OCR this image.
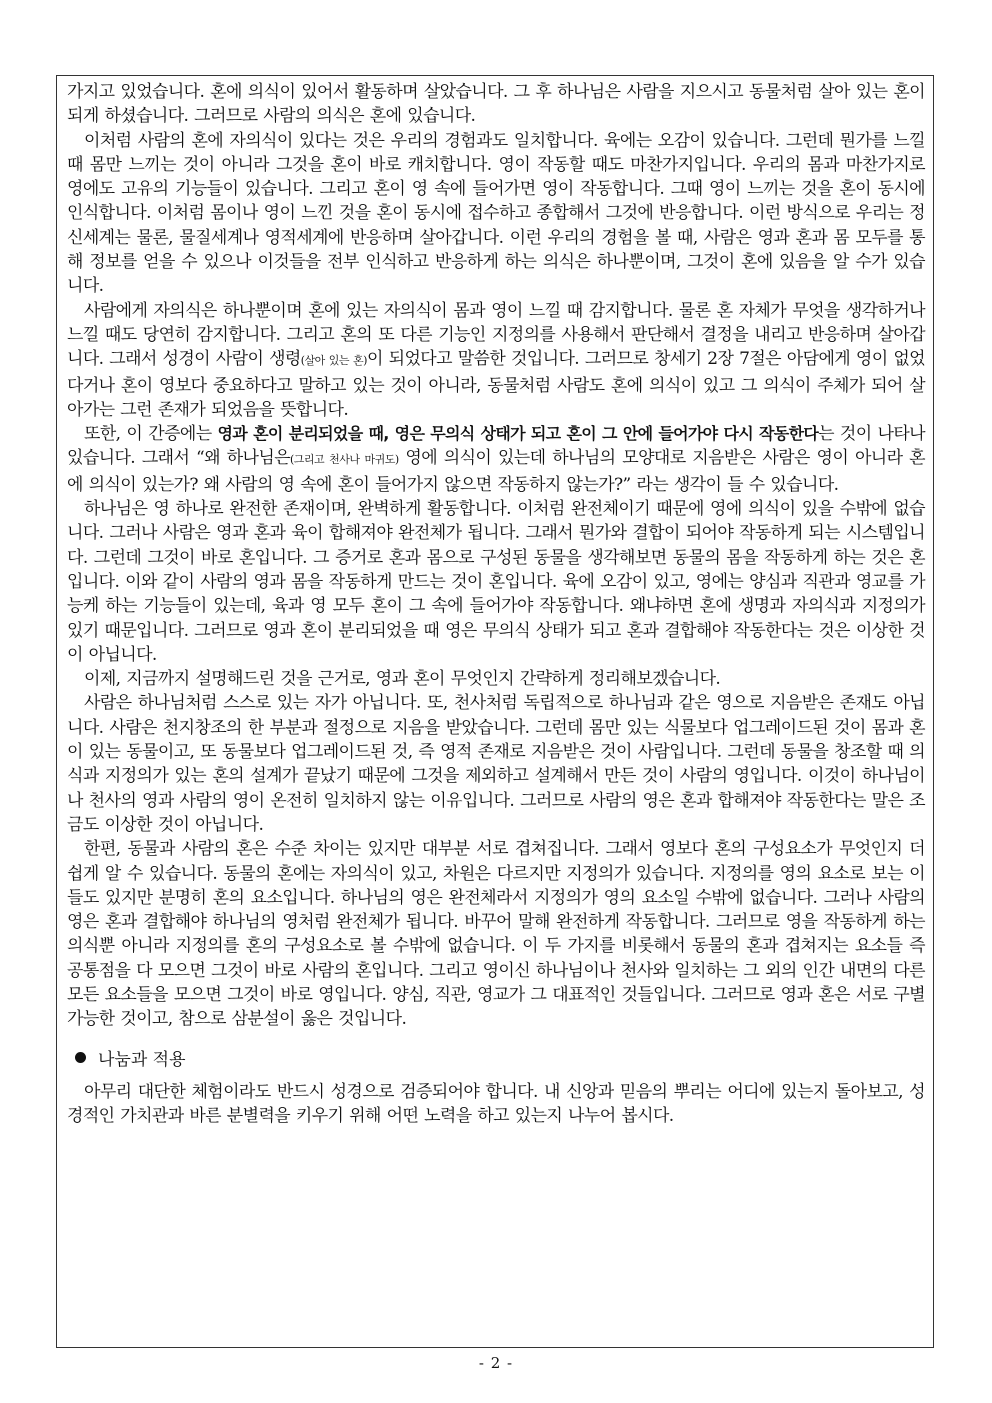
가지고 있었습니다. 혼에 의식이 있어서 활동하며 살았습니다. 그 후 하나님은 사람을 지으시고 동물처럼 살아 있는 혼이 되게 하셨습니다. 그러므로 사람의 의식은 혼에 있습니다.

이처럼 사람의 혼에 자의식이 있다는 것은 우리의 경험과도 일치합니다. 육에는 오감이 있습니다. 그런데 뭔가를 느낄 때 몸만 느끼는 것이 아니라 그것을 혼이 바로 캐치합니다. 영이 작동할 때도 마찬가지입니다. 우리의 몸과 마찬가지로 영에도 고유의 기능들이 있습니다. 그리고 혼이 영 속에 들어가면 영이 작동합니다. 그때 영이 느끼는 것을 혼이 동시에 인식합니다. 이처럼 몸이나 영이 느낀 것을 혼이 동시에 접수하고 종합해서 그것에 반응합니다. 이런 방식으로 우리는 정신세계는 물론, 물질세계나 영적세계에 반응하며 살아갑니다. 이런 우리의 경험을 볼 때, 사람은 영과 혼과 몸 모두를 통해 정보를 얻을 수 있으나 이것들을 전부 인식하고 반응하게 하는 의식은 하나뿐이며, 그것이 혼에 있음을 알 수가 있습니다.

사람에게 자의식은 하나뿐이며 혼에 있는 자의식이 몸과 영이 느낄 때 감지합니다. 물론 혼 자체가 무엇을 생각하거나 느낄 때도 당연히 감지합니다. 그리고 혼의 또 다른 기능인 지정의를 사용해서 판단해서 결정을 내리고 반응하며 살아갑니다. 그래서 성경이 사람이 생령(살아 있는 혼)이 되었다고 말씀한 것입니다. 그러므로 창세기 2장 7절은 아담에게 영이 없었다거나 혼이 영보다 중요하다고 말하고 있는 것이 아니라, 동물처럼 사람도 혼에 의식이 있고 그 의식이 주체가 되어 살아가는 그런 존재가 되었음을 뜻합니다.

또한, 이 간증에는 영과 혼이 분리되었을 때, 영은 무의식 상태가 되고 혼이 그 안에 들어가야 다시 작동한다는 것이 나타나 있습니다. 그래서 “왜 하나님은(그리고 천사나 마귀도) 영에 의식이 있는데 하나님의 모양대로 지음받은 사람은 영이 아니라 혼에 의식이 있는가? 왜 사람의 영 속에 혼이 들어가지 않으면 작동하지 않는가?” 라는 생각이 들 수 있습니다.

하나님은 영 하나로 완전한 존재이며, 완벽하게 활동합니다. 이처럼 완전체이기 때문에 영에 의식이 있을 수밖에 없습니다. 그러나 사람은 영과 혼과 육이 합해져야 완전체가 됩니다. 그래서 뭔가와 결합이 되어야 작동하게 되는 시스템입니다. 그런데 그것이 바로 혼입니다. 그 증거로 혼과 몸으로 구성된 동물을 생각해보면 동물의 몸을 작동하게 하는 것은 혼입니다. 이와 같이 사람의 영과 몸을 작동하게 만드는 것이 혼입니다. 육에 오감이 있고, 영에는 양심과 직관과 영교를 가능케 하는 기능들이 있는데, 육과 영 모두 혼이 그 속에 들어가야 작동합니다. 왜냐하면 혼에 생명과 자의식과 지정의가 있기 때문입니다. 그러므로 영과 혼이 분리되었을 때 영은 무의식 상태가 되고 혼과 결합해야 작동한다는 것은 이상한 것이 아닙니다.

이제, 지금까지 설명해드린 것을 근거로, 영과 혼이 무엇인지 간략하게 정리해보겠습니다.

사람은 하나님처럼 스스로 있는 자가 아닙니다. 또, 천사처럼 독립적으로 하나님과 같은 영으로 지음받은 존재도 아닙니다. 사람은 천지창조의 한 부분과 절정으로 지음을 받았습니다. 그런데 몸만 있는 식물보다 업그레이드된 것이 몸과 혼이 있는 동물이고, 또 동물보다 업그레이드된 것, 즉 영적 존재로 지음받은 것이 사람입니다. 그런데 동물을 창조할 때 의식과 지정의가 있는 혼의 설계가 끝났기 때문에 그것을 제외하고 설계해서 만든 것이 사람의 영입니다. 이것이 하나님이나 천사의 영과 사람의 영이 온전히 일치하지 않는 이유입니다. 그러므로 사람의 영은 혼과 합해져야 작동한다는 말은 조금도 이상한 것이 아닙니다.

한편, 동물과 사람의 혼은 수준 차이는 있지만 대부분 서로 겹쳐집니다. 그래서 영보다 혼의 구성요소가 무엇인지 더 쉽게 알 수 있습니다. 동물의 혼에는 자의식이 있고, 차원은 다르지만 지정의가 있습니다. 지정의를 영의 요소로 보는 이들도 있지만 분명히 혼의 요소입니다. 하나님의 영은 완전체라서 지정의가 영의 요소일 수밖에 없습니다. 그러나 사람의 영은 혼과 결합해야 하나님의 영처럼 완전체가 됩니다. 바꾸어 말해 완전하게 작동합니다. 그러므로 영을 작동하게 하는 의식뿐 아니라 지정의를 혼의 구성요소로 볼 수밖에 없습니다. 이 두 가지를 비롯해서 동물의 혼과 겹쳐지는 요소들 즉 공통점을 다 모으면 그것이 바로 사람의 혼입니다. 그리고 영이신 하나님이나 천사와 일치하는 그 외의 인간 내면의 다른 모든 요소들을 모으면 그것이 바로 영입니다. 양심, 직관, 영교가 그 대표적인 것들입니다. 그러므로 영과 혼은 서로 구별 가능한 것이고, 참으로 삼분설이 옳은 것입니다.

나눔과 적용

아무리 대단한 체험이라도 반드시 성경으로 검증되어야 합니다. 내 신앙과 믿음의 뿌리는 어디에 있는지 돌아보고, 성경적인 가치관과 바른 분별력을 키우기 위해 어떤 노력을 하고 있는지 나누어 봅시다.

- 2 -
